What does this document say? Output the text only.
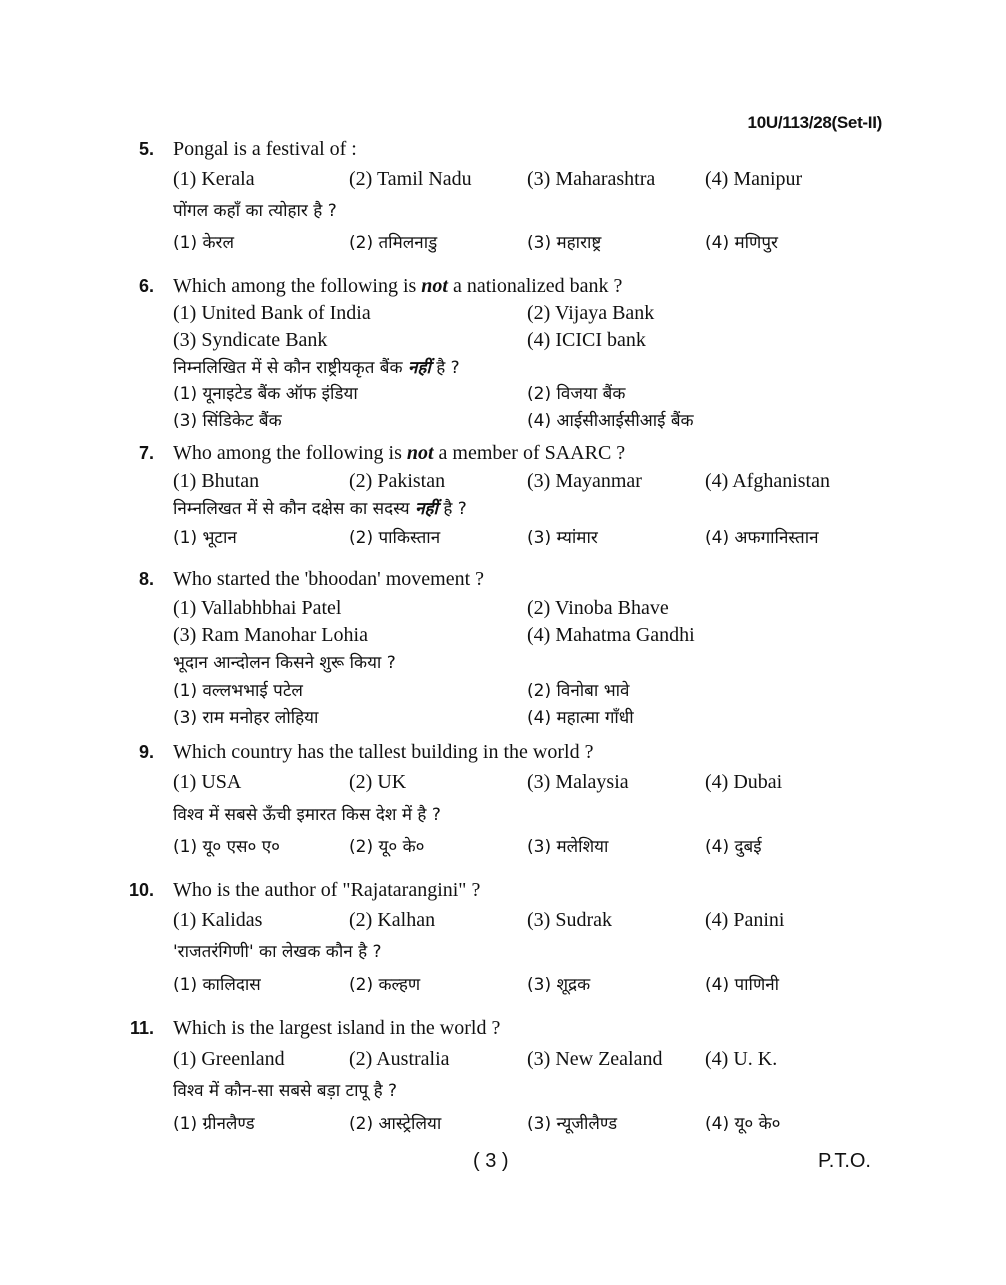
10U/113/28(Set-II)
5. Pongal is a festival of :
(1) Kerala	(2) Tamil Nadu	(3) Maharashtra (4) Manipur
पोंगल कहाँ का त्योहार है ?
(1) केरल	(2) तमिलनाडु	(3) महाराष्ट्र	(4) मणिपुर
6. Which among the following is not a nationalized bank ?
(1) United Bank of India	(2) Vijaya Bank
(3) Syndicate Bank	(4) ICICI bank
निम्नलिखित में से कौन राष्ट्रीयकृत बैंक नहीं है ?
(1) यूनाइटेड बैंक ऑफ इंडिया	(2) विजया बैंक
(3) सिंडिकेट बैंक	(4) आईसीआईसीआई बैंक
7. Who among the following is not a member of SAARC ?
(1) Bhutan	(2) Pakistan	(3) Mayanmar	(4) Afghanistan
निम्नलिखत में से कौन दक्षेस का सदस्य नहीं है ?
(1) भूटान	(2) पाकिस्तान	(3) म्यांमार	(4) अफगानिस्तान
8. Who started the 'bhoodan' movement ?
(1) Vallabhbhai Patel	(2) Vinoba Bhave
(3) Ram Manohar Lohia	(4) Mahatma Gandhi
भूदान आन्दोलन किसने शुरू किया ?
(1) वल्लभभाई पटेल	(2) विनोबा भावे
(3) राम मनोहर लोहिया	(4) महात्मा गाँधी
9. Which country has the tallest building in the world ?
(1) USA	(2) UK	(3) Malaysia	(4) Dubai
विश्व में सबसे ऊँची इमारत किस देश में है ?
(1) यू० एस० ए०	(2) यू० के०	(3) मलेशिया	(4) दुबई
10. Who is the author of "Rajatarangini" ?
(1) Kalidas	(2) Kalhan	(3) Sudrak	(4) Panini
'राजतरंगिणी' का लेखक कौन है ?
(1) कालिदास	(2) कल्हण	(3) शूद्रक	(4) पाणिनी
11. Which is the largest island in the world ?
(1) Greenland	(2) Australia	(3) New Zealand (4) U. K.
विश्व में कौन-सा सबसे बड़ा टापू है ?
(1) ग्रीनलैण्ड	(2) आस्ट्रेलिया	(3) न्यूजीलैण्ड	(4) यू० के०
( 3 )	P.T.O.
